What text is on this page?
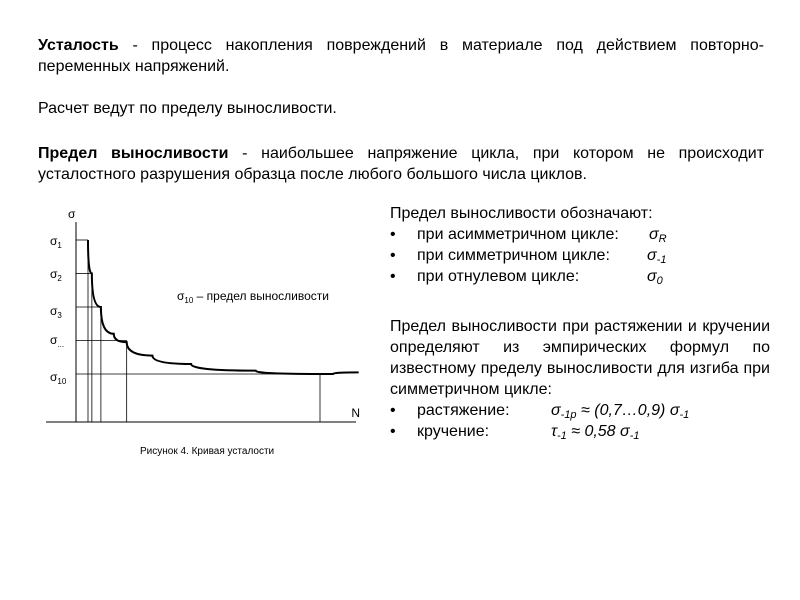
Усталость - процесс накопления повреждений в материале под действием повторно-переменных напряжений.
Расчет ведут по пределу выносливости.
Предел выносливости - наибольшее напряжение цикла, при котором не происходит усталостного разрушения образца после любого большого числа циклов.
σ
N
$\sigma_1$
$\sigma_2$
$\sigma_3$
$\sigma_{...}$
$\sigma_{10}$
$\sigma_{10}$ – предел выносливости
Рисунок 4. Кривая усталости
Предел выносливости обозначают:
• при асимметричном цикле: $\sigma_R$
• при симметричном цикле: $\sigma_{-1}$
• при отнулевом цикле:	$\sigma_0$
Предел выносливости при растяжении и кручении определяют из эмпирических формул по известному пределу выносливости для изгиба при симметричном цикле:
• растяжение:	$\sigma_{-1р}$ ≈ (0,7…0,9) $\sigma_{-1}$
• кручение:	$\tau_{-1} \approx 0,58$ $\sigma_{-1}$
